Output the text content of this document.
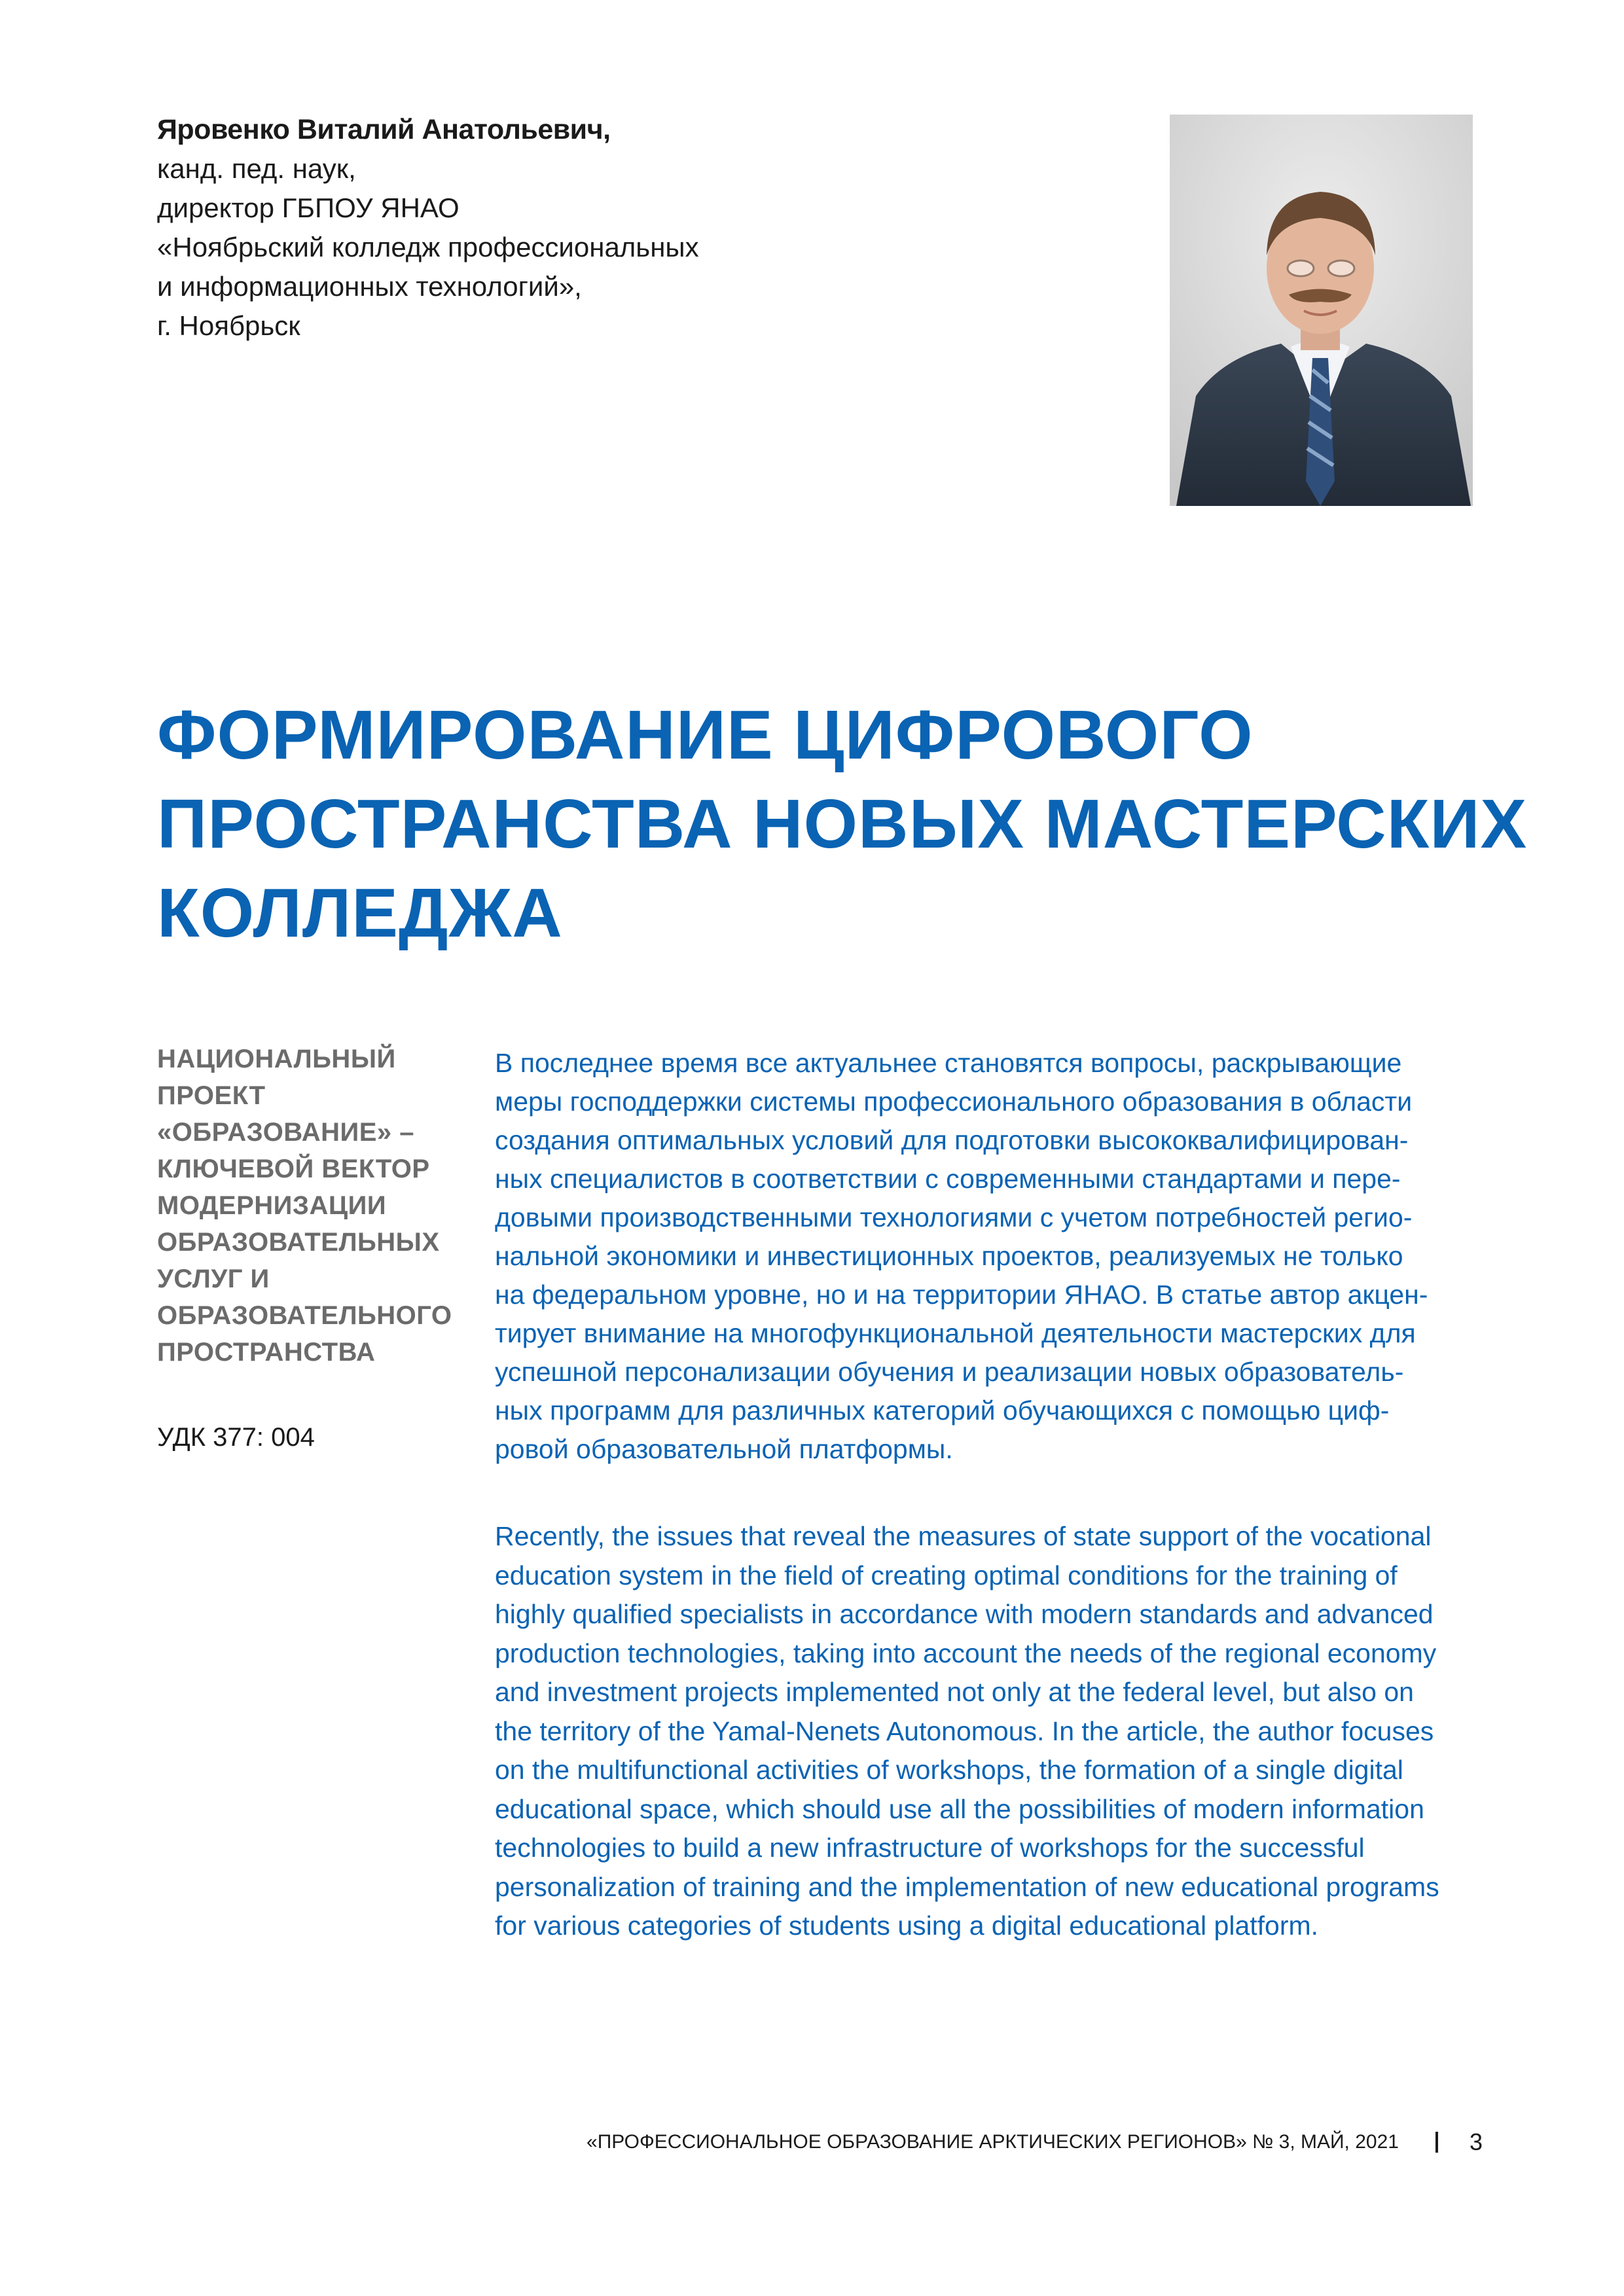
Яровенко Виталий Анатольевич,
канд. пед. наук,
директор ГБПОУ ЯНАО
«Ноябрьский колледж профессиональных
и информационных технологий»,
г. Ноябрьск
ФОРМИРОВАНИЕ ЦИФРОВОГО
ПРОСТРАНСТВА НОВЫХ МАСТЕРСКИХ
КОЛЛЕДЖА
НАЦИОНАЛЬНЫЙ
ПРОЕКТ
«ОБРАЗОВАНИЕ» –
КЛЮЧЕВОЙ ВЕКТОР
МОДЕРНИЗАЦИИ
ОБРАЗОВАТЕЛЬНЫХ
УСЛУГ И
ОБРАЗОВАТЕЛЬНОГО
ПРОСТРАНСТВА
УДК 377: 004
В последнее время все актуальнее становятся вопросы, раскрывающие
меры господдержки системы профессионального образования в области
создания оптимальных условий для подготовки высококвалифицирован-
ных специалистов в соответствии с современными стандартами и пере-
довыми производственными технологиями с учетом потребностей регио-
нальной экономики и инвестиционных проектов, реализуемых не только
на федеральном уровне, но и на территории ЯНАО. В статье автор акцен-
тирует внимание на многофункциональной деятельности мастерских для
успешной персонализации обучения и реализации новых образователь-
ных программ для различных категорий обучающихся с помощью циф-
ровой образовательной платформы.
Recently, the issues that reveal the measures of state support of the vocational
education system in the field of creating optimal conditions for the training of
highly qualified specialists in accordance with modern standards and advanced
production technologies, taking into account the needs of the regional economy
and investment projects implemented not only at the federal level, but also on
the territory of the Yamal-Nenets Autonomous. In the article, the author focuses
on the multifunctional activities of workshops, the formation of a single digital
educational space, which should use all the possibilities of modern information
technologies to build a new infrastructure of workshops for the successful
personalization of training and the implementation of new educational programs
for various categories of students using a digital educational platform.
«ПРОФЕССИОНАЛЬНОЕ ОБРАЗОВАНИЕ АРКТИЧЕСКИХ РЕГИОНОВ» № 3, МАЙ, 2021	3
